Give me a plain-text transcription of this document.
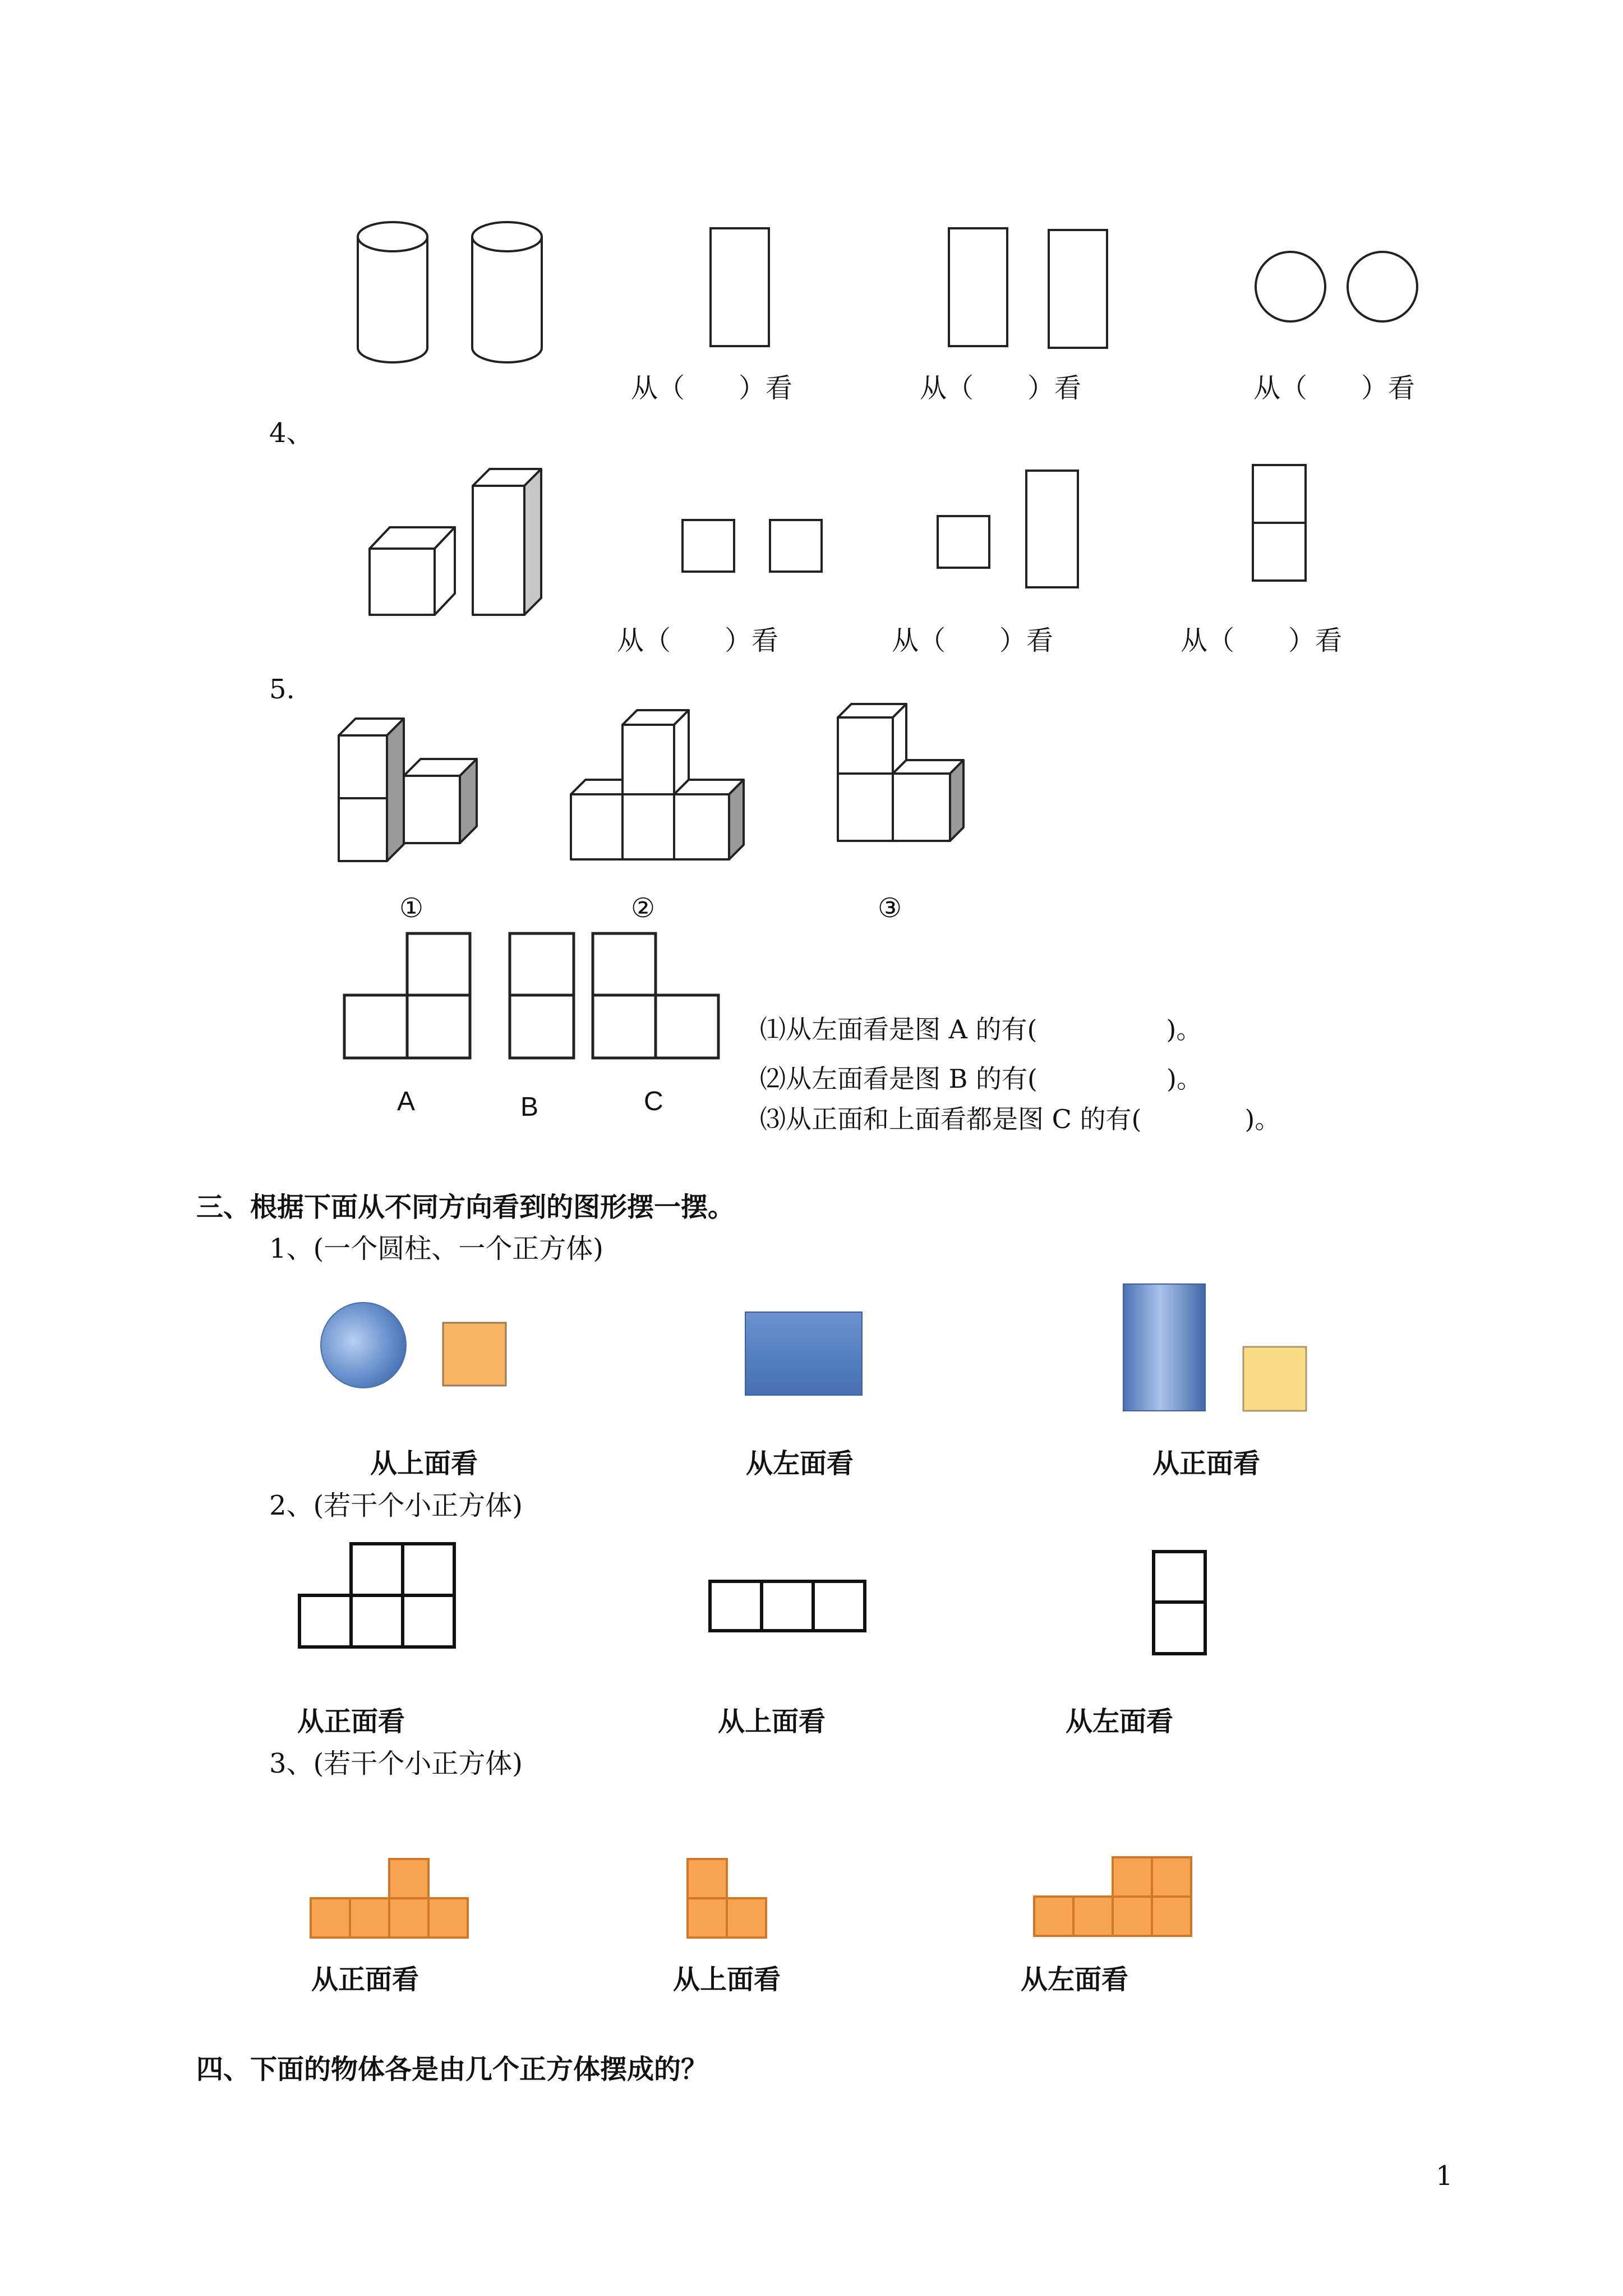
从（　　）看	从（　　）看	从（　　）看
4、
从（　　）看	从（　　）看	从（　　）看
5.
①	②	③
A	B	C
⑴从左面看是图 A 的有(　　　　　)。
⑵从左面看是图 B 的有(　　　　　)。
⑶从正面和上面看都是图 C 的有(　　　　)。
三、根据下面从不同方向看到的图形摆一摆。
1、(一个圆柱、一个正方体)
从上面看	从左面看	从正面看
2、(若干个小正方体)
从正面看	从上面看	从左面看
3、(若干个小正方体)
从正面看	从上面看	从左面看
四、下面的物体各是由几个正方体摆成的？
1
